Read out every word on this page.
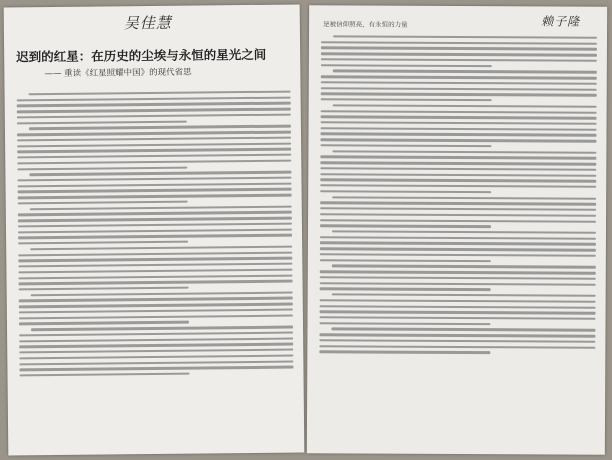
吴佳慧
迟到的红星：在历史的尘埃与永恒的星光之间
—— 重读《红星照耀中国》的现代省思
是被信仰照亮，有永恒的力量	赖子隆
